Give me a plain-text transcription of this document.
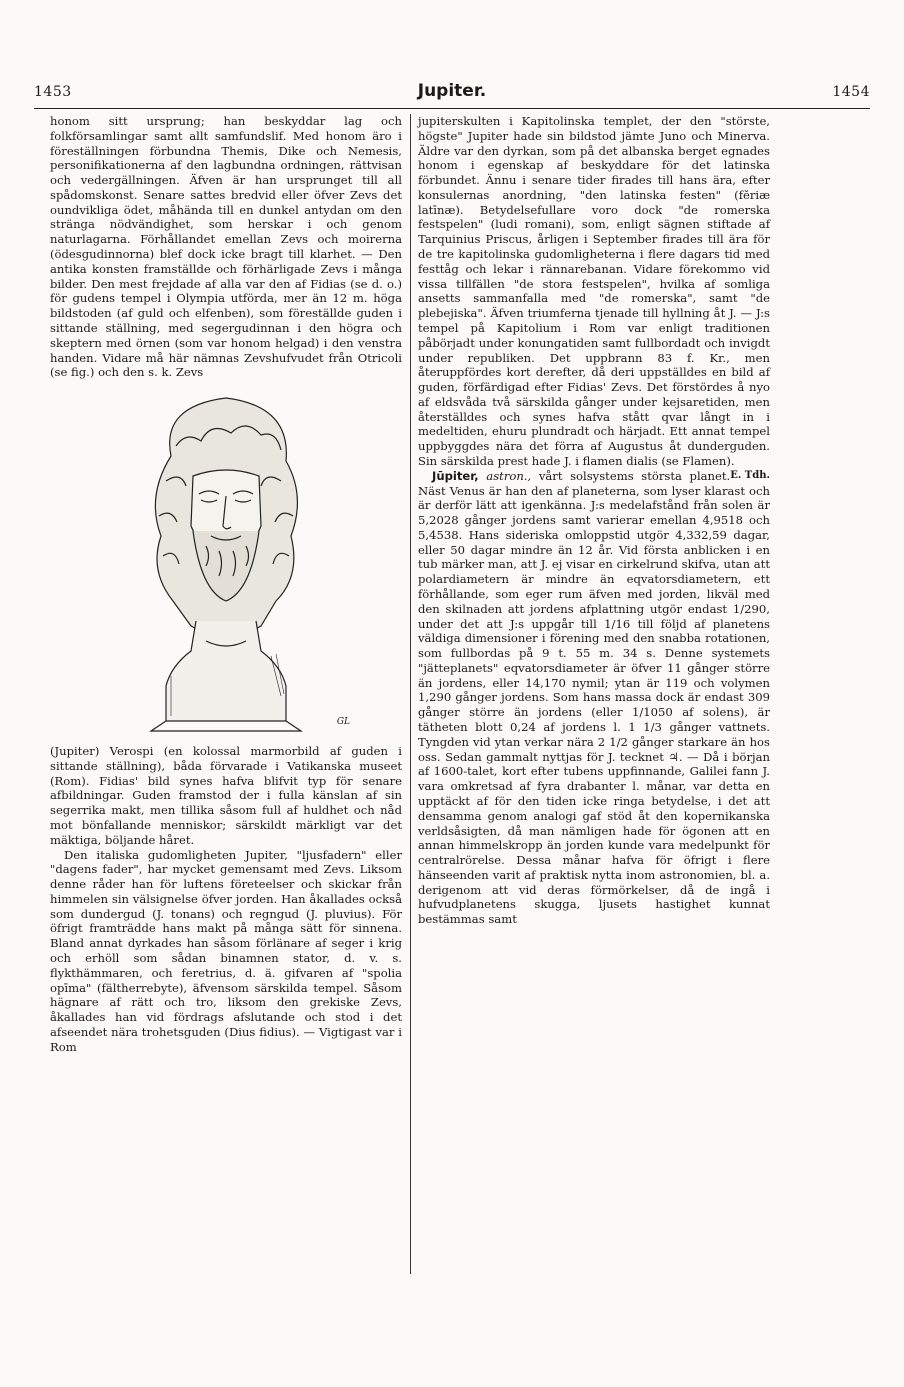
1453	Jupiter.	1454

honom sitt ursprung; han beskyddar lag och folkförsamlingar samt allt samfundslif. Med honom äro i föreställningen förbundna Themis, Dike och Nemesis, personifikationerna af den lagbundna ordningen, rättvisan och vedergällningen. Äfven är han ursprunget till all spådomskonst. Senare sattes bredvid eller öfver Zevs det oundvikliga ödet, måhända till en dunkel antydan om den stränga nödvändighet, som herskar i och genom naturlagarna. Förhållandet emellan Zevs och moirerna (ödesgudinnorna) blef dock icke bragt till klarhet. — Den antika konsten framställde och förhärligade Zevs i många bilder. Den mest frejdade af alla var den af Fidias (se d. o.) för gudens tempel i Olympia utförda, mer än 12 m. höga bildstoden (af guld och elfenben), som föreställde guden i sittande ställning, med segergudinnan i den högra och skeptern med örnen (som var honom helgad) i den venstra handen. Vidare må här nämnas Zevshufvudet från Otricoli (se fig.) och den s. k. Zevs

GL

(Jupiter) Verospi (en kolossal marmorbild af guden i sittande ställning), båda förvarade i Vatikanska museet (Rom). Fidias' bild synes hafva blifvit typ för senare afbildningar. Guden framstod der i fulla känslan af sin segerrika makt, men tillika såsom full af huldhet och nåd mot bönfallande menniskor; särskildt märkligt var det mäktiga, böljande håret.

Den italiska gudomligheten Jupiter, "ljusfadern" eller "dagens fader", har mycket gemensamt med Zevs. Liksom denne råder han för luftens företeelser och skickar från himmelen sin välsignelse öfver jorden. Han åkallades också som dundergud (J. tonans) och regngud (J. pluvius). För öfrigt framträdde hans makt på många sätt för sinnena. Bland annat dyrkades han såsom förlänare af seger i krig och erhöll som sådan binamnen stator, d. v. s. flykthämmaren, och feretrius, d. ä. gifvaren af "spolia opīma" (fältherrebyte), äfvensom särskilda tempel. Såsom hägnare af rätt och tro, liksom den grekiske Zevs, åkallades han vid fördrags afslutande och stod i det afseendet nära trohetsguden (Dius fidius). — Vigtigast var i Rom

jupiterskulten i Kapitolinska templet, der den "störste, högste" Jupiter hade sin bildstod jämte Juno och Minerva. Äldre var den dyrkan, som på det albanska berget egnades honom i egenskap af beskyddare för det latinska förbundet. Ännu i senare tider firades till hans ära, efter konsulernas anordning, "den latinska festen" (fĕriæ latīnæ). Betydelsefullare voro dock "de romerska festspelen" (ludi romani), som, enligt sägnen stiftade af Tarquinius Priscus, årligen i September firades till ära för de tre kapitolinska gudomligheterna i flere dagars tid med festtåg och lekar i rännarebanan. Vidare förekommo vid vissa tillfällen "de stora festspelen", hvilka af somliga ansetts sammanfalla med "de romerska", samt "de plebejiska". Äfven triumferna tjenade till hyllning åt J. — J:s tempel på Kapitolium i Rom var enligt traditionen påbörjadt under konungatiden samt fullbordadt och invigdt under republiken. Det uppbrann 83 f. Kr., men återuppfördes kort derefter, då deri uppställdes en bild af guden, förfärdigad efter Fidias' Zevs. Det förstördes å nyo af eldsvåda två särskilda gånger under kejsaretiden, men återställdes och synes hafva stått qvar långt in i medeltiden, ehuru plundradt och härjadt. Ett annat tempel uppbyggdes nära det förra af Augustus åt dunderguden. Sin särskilda prest hade J. i flamen dialis (se Flamen).
E. Tdh.

Jūpiter, astron., vårt solsystems största planet. Näst Venus är han den af planeterna, som lyser klarast och är derför lätt att igenkänna. J:s medelafstånd från solen är 5,2028 gånger jordens samt varierar emellan 4,9518 och 5,4538. Hans sideriska omloppstid utgör 4,332,59 dagar, eller 50 dagar mindre än 12 år. Vid första anblicken i en tub märker man, att J. ej visar en cirkelrund skifva, utan att polardiametern är mindre än eqvatorsdiametern, ett förhållande, som eger rum äfven med jorden, likväl med den skilnaden att jordens afplattning utgör endast 1/290, under det att J:s uppgår till 1/16 till följd af planetens väldiga dimensioner i förening med den snabba rotationen, som fullbordas på 9 t. 55 m. 34 s. Denne systemets "jätteplanets" eqvatorsdiameter är öfver 11 gånger större än jordens, eller 14,170 nymil; ytan är 119 och volymen 1,290 gånger jordens. Som hans massa dock är endast 309 gånger större än jordens (eller 1/1050 af solens), är tätheten blott 0,24 af jordens l. 1 1/3 gånger vattnets. Tyngden vid ytan verkar nära 2 1/2 gånger starkare än hos oss. Sedan gammalt nyttjas för J. tecknet ♃. — Då i början af 1600-talet, kort efter tubens uppfinnande, Galilei fann J. vara omkretsad af fyra drabanter l. månar, var detta en upptäckt af för den tiden icke ringa betydelse, i det att densamma genom analogi gaf stöd åt den kopernikanska verldsåsigten, då man nämligen hade för ögonen att en annan himmelskropp än jorden kunde vara medelpunkt för centralrörelse. Dessa månar hafva för öfrigt i flere hänseenden varit af praktisk nytta inom astronomien, bl. a. derigenom att vid deras förmörkelser, då de ingå i hufvudplanetens skugga, ljusets hastighet kunnat bestämmas samt
